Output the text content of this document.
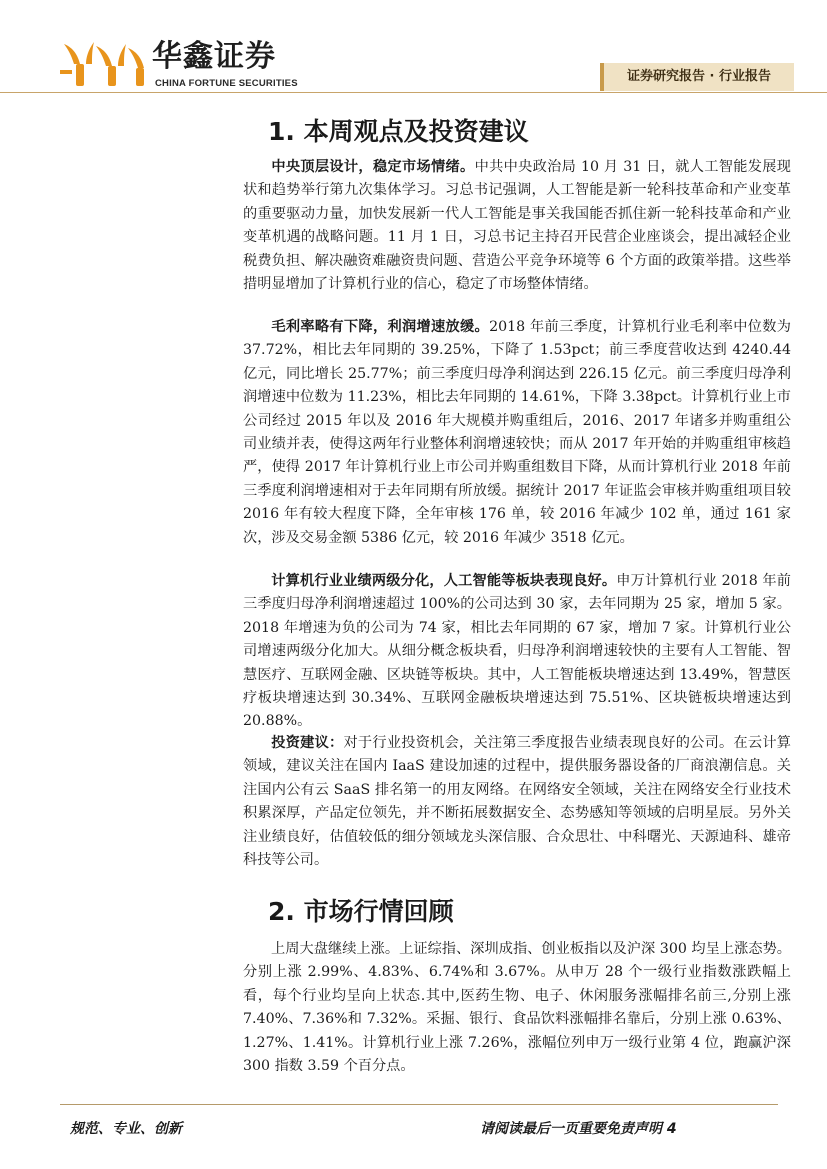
华鑫证券
CHINA FORTUNE SECURITIES	证券研究报告 · 行业报告
1. 本周观点及投资建议

中央顶层设计，稳定市场情绪。中共中央政治局 10 月 31 日，就人工智能发展现状和趋势举行第九次集体学习。习总书记强调，人工智能是新一轮科技革命和产业变革的重要驱动力量，加快发展新一代人工智能是事关我国能否抓住新一轮科技革命和产业变革机遇的战略问题。11 月 1 日，习总书记主持召开民营企业座谈会，提出减轻企业税费负担、解决融资难融资贵问题、营造公平竞争环境等 6 个方面的政策举措。这些举措明显增加了计算机行业的信心，稳定了市场整体情绪。

毛利率略有下降，利润增速放缓。2018 年前三季度，计算机行业毛利率中位数为 37.72%，相比去年同期的 39.25%，下降了 1.53pct；前三季度营收达到 4240.44 亿元，同比增长 25.77%；前三季度归母净利润达到 226.15 亿元。前三季度归母净利润增速中位数为 11.23%，相比去年同期的 14.61%，下降 3.38pct。计算机行业上市公司经过 2015 年以及 2016 年大规模并购重组后，2016、2017 年诸多并购重组公司业绩并表，使得这两年行业整体利润增速较快；而从 2017 年开始的并购重组审核趋严，使得 2017 年计算机行业上市公司并购重组数目下降，从而计算机行业 2018 年前三季度利润增速相对于去年同期有所放缓。据统计 2017 年证监会审核并购重组项目较 2016 年有较大程度下降，全年审核 176 单，较 2016 年减少 102 单，通过 161 家次，涉及交易金额 5386 亿元，较 2016 年减少 3518 亿元。

计算机行业业绩两级分化，人工智能等板块表现良好。申万计算机行业 2018 年前三季度归母净利润增速超过 100%的公司达到 30 家，去年同期为 25 家，增加 5 家。2018 年增速为负的公司为 74 家，相比去年同期的 67 家，增加 7 家。计算机行业公司增速两级分化加大。从细分概念板块看，归母净利润增速较快的主要有人工智能、智慧医疗、互联网金融、区块链等板块。其中，人工智能板块增速达到 13.49%，智慧医疗板块增速达到 30.34%、互联网金融板块增速达到 75.51%、区块链板块增速达到 20.88%。

投资建议：对于行业投资机会，关注第三季度报告业绩表现良好的公司。在云计算领域，建议关注在国内 IaaS 建设加速的过程中，提供服务器设备的厂商浪潮信息。关注国内公有云 SaaS 排名第一的用友网络。在网络安全领域，关注在网络安全行业技术积累深厚，产品定位领先，并不断拓展数据安全、态势感知等领域的启明星辰。另外关注业绩良好，估值较低的细分领域龙头深信服、合众思壮、中科曙光、天源迪科、雄帝科技等公司。

2. 市场行情回顾

上周大盘继续上涨。上证综指、深圳成指、创业板指以及沪深 300 均呈上涨态势。分别上涨 2.99%、4.83%、6.74%和 3.67%。从申万 28 个一级行业指数涨跌幅上看，每个行业均呈向上状态.其中,医药生物、电子、休闲服务涨幅排名前三,分别上涨 7.40%、7.36%和 7.32%。采掘、银行、食品饮料涨幅排名靠后，分别上涨 0.63%、1.27%、1.41%。计算机行业上涨 7.26%，涨幅位列申万一级行业第 4 位，跑赢沪深 300 指数 3.59 个百分点。

规范、专业、创新	请阅读最后一页重要免责声明 4
